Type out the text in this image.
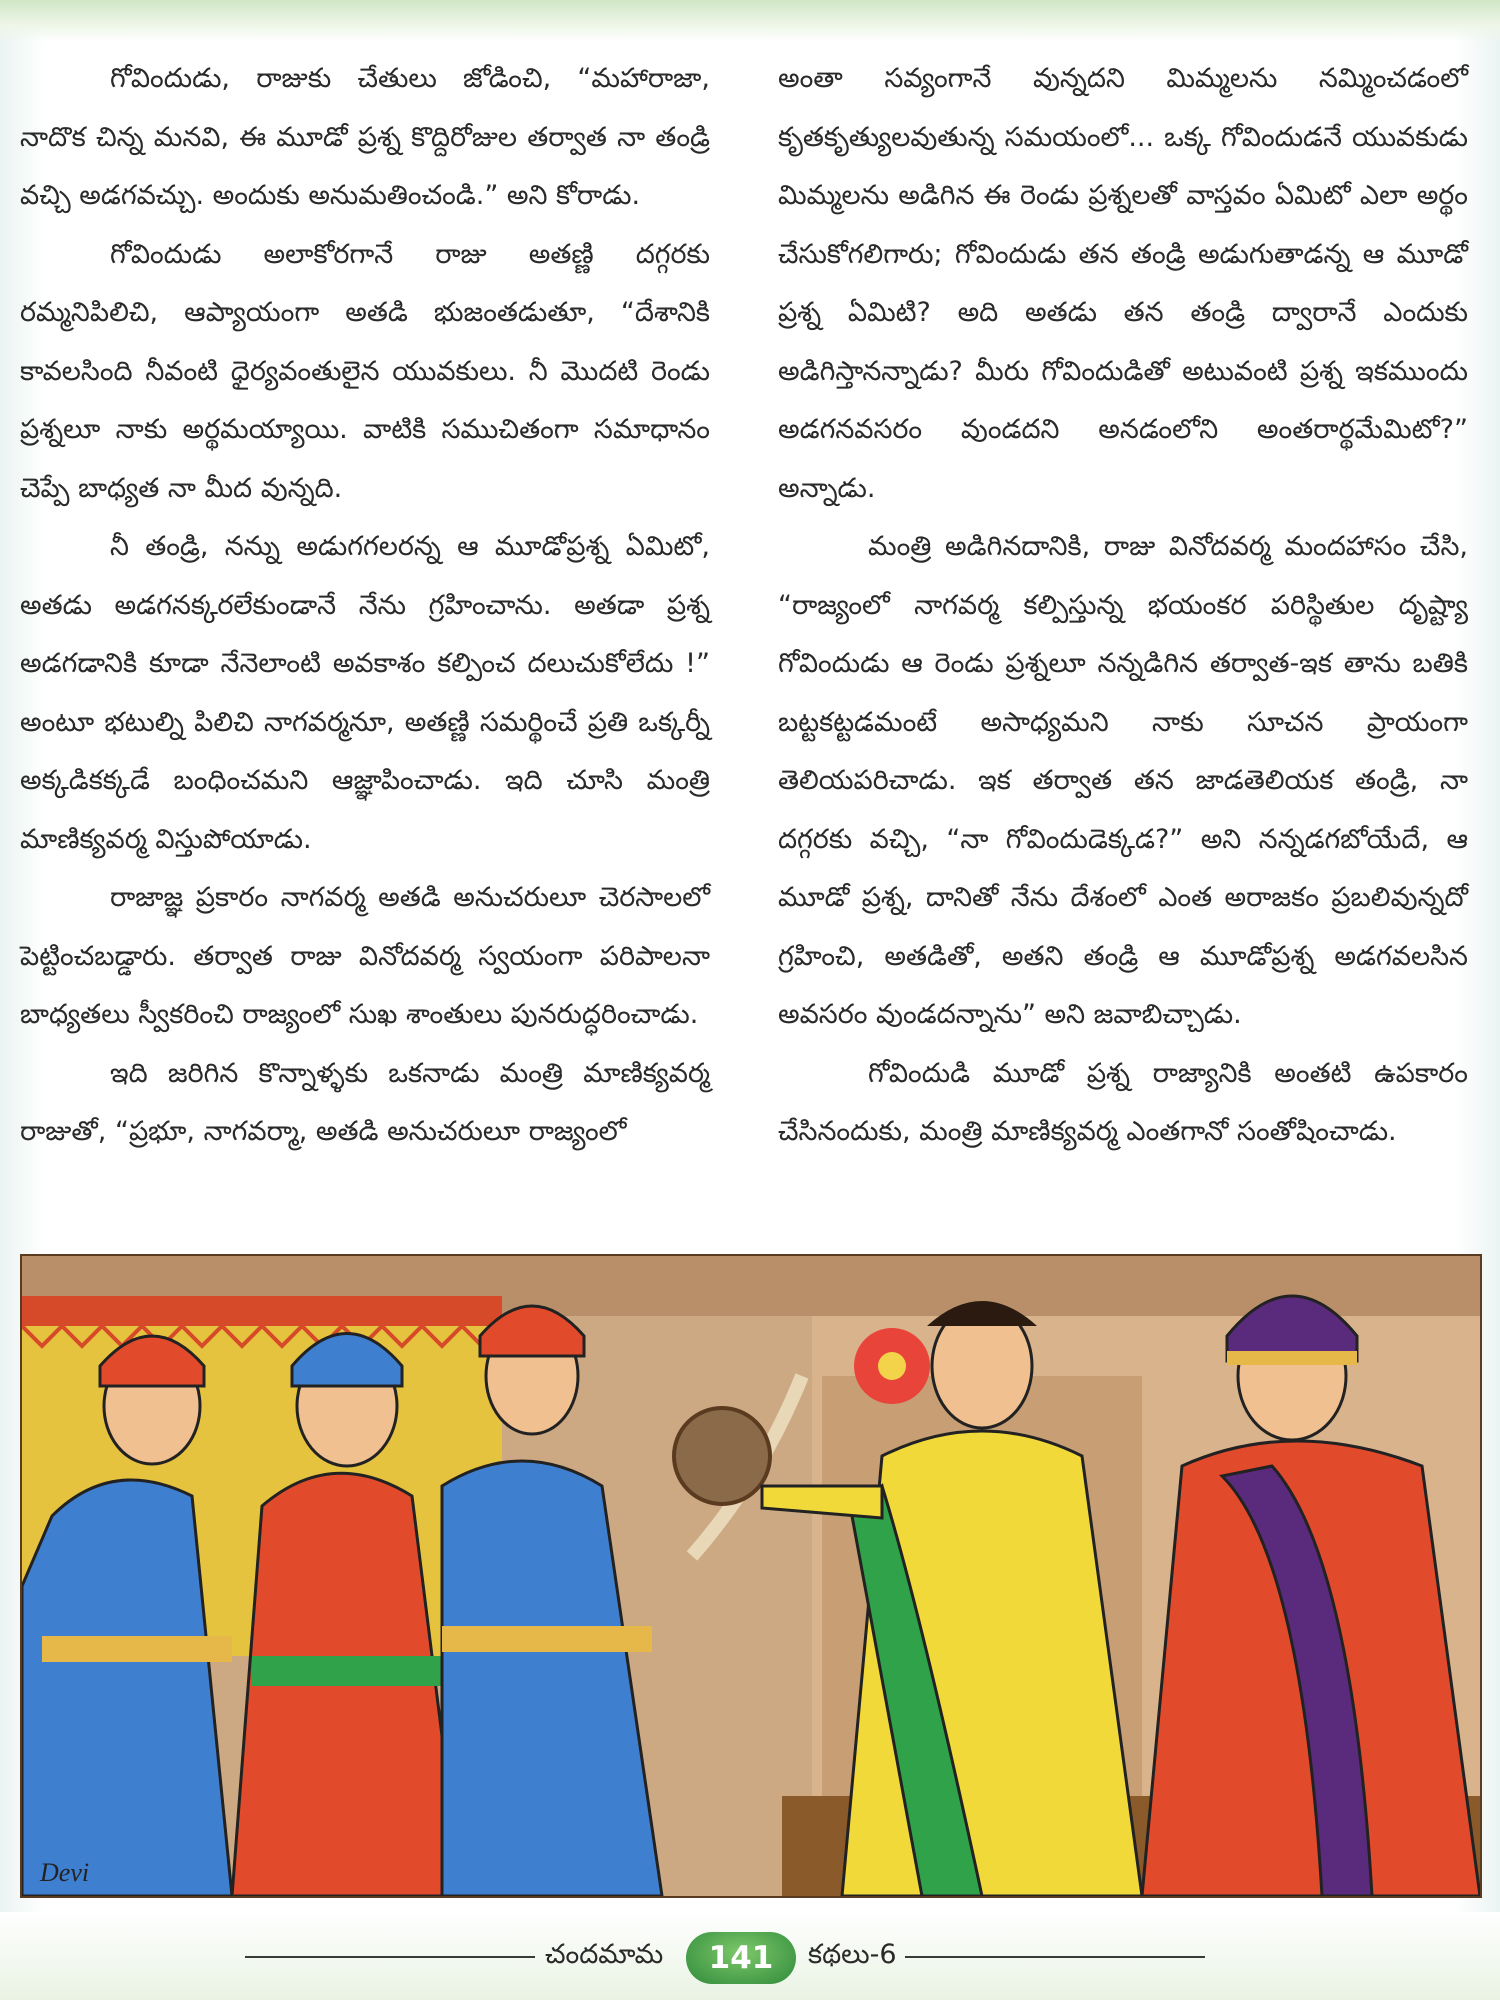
గోవిందుడు, రాజుకు చేతులు జోడించి, “మహారాజా, నాదొక చిన్న మనవి, ఈ మూడో ప్రశ్న కొద్దిరోజుల తర్వాత నా తండ్రి వచ్చి అడగవచ్చు. అందుకు అనుమతించండి.” అని కోరాడు.

గోవిందుడు అలాకోరగానే రాజు అతణ్ణి దగ్గరకు రమ్మనిపిలిచి, ఆప్యాయంగా అతడి భుజంతడుతూ, “దేశానికి కావలసింది నీవంటి ధైర్యవంతులైన యువకులు. నీ మొదటి రెండు ప్రశ్నలూ నాకు అర్థమయ్యాయి. వాటికి సముచితంగా సమాధానం చెప్పే బాధ్యత నా మీద వున్నది.

నీ తండ్రి, నన్ను అడుగగలరన్న ఆ మూడోప్రశ్న ఏమిటో, అతడు అడగనక్కరలేకుండానే నేను గ్రహించాను. అతడా ప్రశ్న అడగడానికి కూడా నేనెలాంటి అవకాశం కల్పించ దలుచుకోలేదు !” అంటూ భటుల్ని పిలిచి నాగవర్మనూ, అతణ్ణి సమర్థించే ప్రతి ఒక్కర్నీ అక్కడికక్కడే బంధించమని ఆజ్ఞాపించాడు. ఇది చూసి మంత్రి మాణిక్యవర్మ విస్తుపోయాడు.

రాజాజ్ఞ ప్రకారం నాగవర్మ అతడి అనుచరులూ చెరసాలలో పెట్టించబడ్డారు. తర్వాత రాజు వినోదవర్మ స్వయంగా పరిపాలనా బాధ్యతలు స్వీకరించి రాజ్యంలో సుఖ శాంతులు పునరుద్ధరించాడు.

ఇది జరిగిన కొన్నాళ్ళకు ఒకనాడు మంత్రి మాణిక్యవర్మ రాజుతో, “ప్రభూ, నాగవర్మా, అతడి అనుచరులూ రాజ్యంలో

అంతా సవ్యంగానే వున్నదని మిమ్మలను నమ్మించడంలో కృతకృత్యులవుతున్న సమయంలో... ఒక్క గోవిందుడనే యువకుడు మిమ్మలను అడిగిన ఈ రెండు ప్రశ్నలతో వాస్తవం ఏమిటో ఎలా అర్థం చేసుకోగలిగారు; గోవిందుడు తన తండ్రి అడుగుతాడన్న ఆ మూడో ప్రశ్న ఏమిటి? అది అతడు తన తండ్రి ద్వారానే ఎందుకు అడిగిస్తానన్నాడు? మీరు గోవిందుడితో అటువంటి ప్రశ్న ఇకముందు అడగనవసరం వుండదని అనడంలోని అంతరార్థమేమిటో?” అన్నాడు.

మంత్రి అడిగినదానికి, రాజు వినోదవర్మ మందహాసం చేసి, “రాజ్యంలో నాగవర్మ కల్పిస్తున్న భయంకర పరిస్థితుల దృష్ట్యా గోవిందుడు ఆ రెండు ప్రశ్నలూ నన్నడిగిన తర్వాత-ఇక తాను బతికి బట్టకట్టడమంటే అసాధ్యమని నాకు సూచన ప్రాయంగా తెలియపరిచాడు. ఇక తర్వాత తన జాడతెలియక తండ్రి, నా దగ్గరకు వచ్చి, “నా గోవిందుడెక్కడ?” అని నన్నడగబోయేదే, ఆ మూడో ప్రశ్న, దానితో నేను దేశంలో ఎంత అరాజకం ప్రబలివున్నదో గ్రహించి, అతడితో, అతని తండ్రి ఆ మూడోప్రశ్న అడగవలసిన అవసరం వుండదన్నాను” అని జవాబిచ్చాడు.

గోవిందుడి మూడో ప్రశ్న రాజ్యానికి అంతటి ఉపకారం చేసినందుకు, మంత్రి మాణిక్యవర్మ ఎంతగానో సంతోషించాడు.

Devi
చందమామ	141	కథలు-6
